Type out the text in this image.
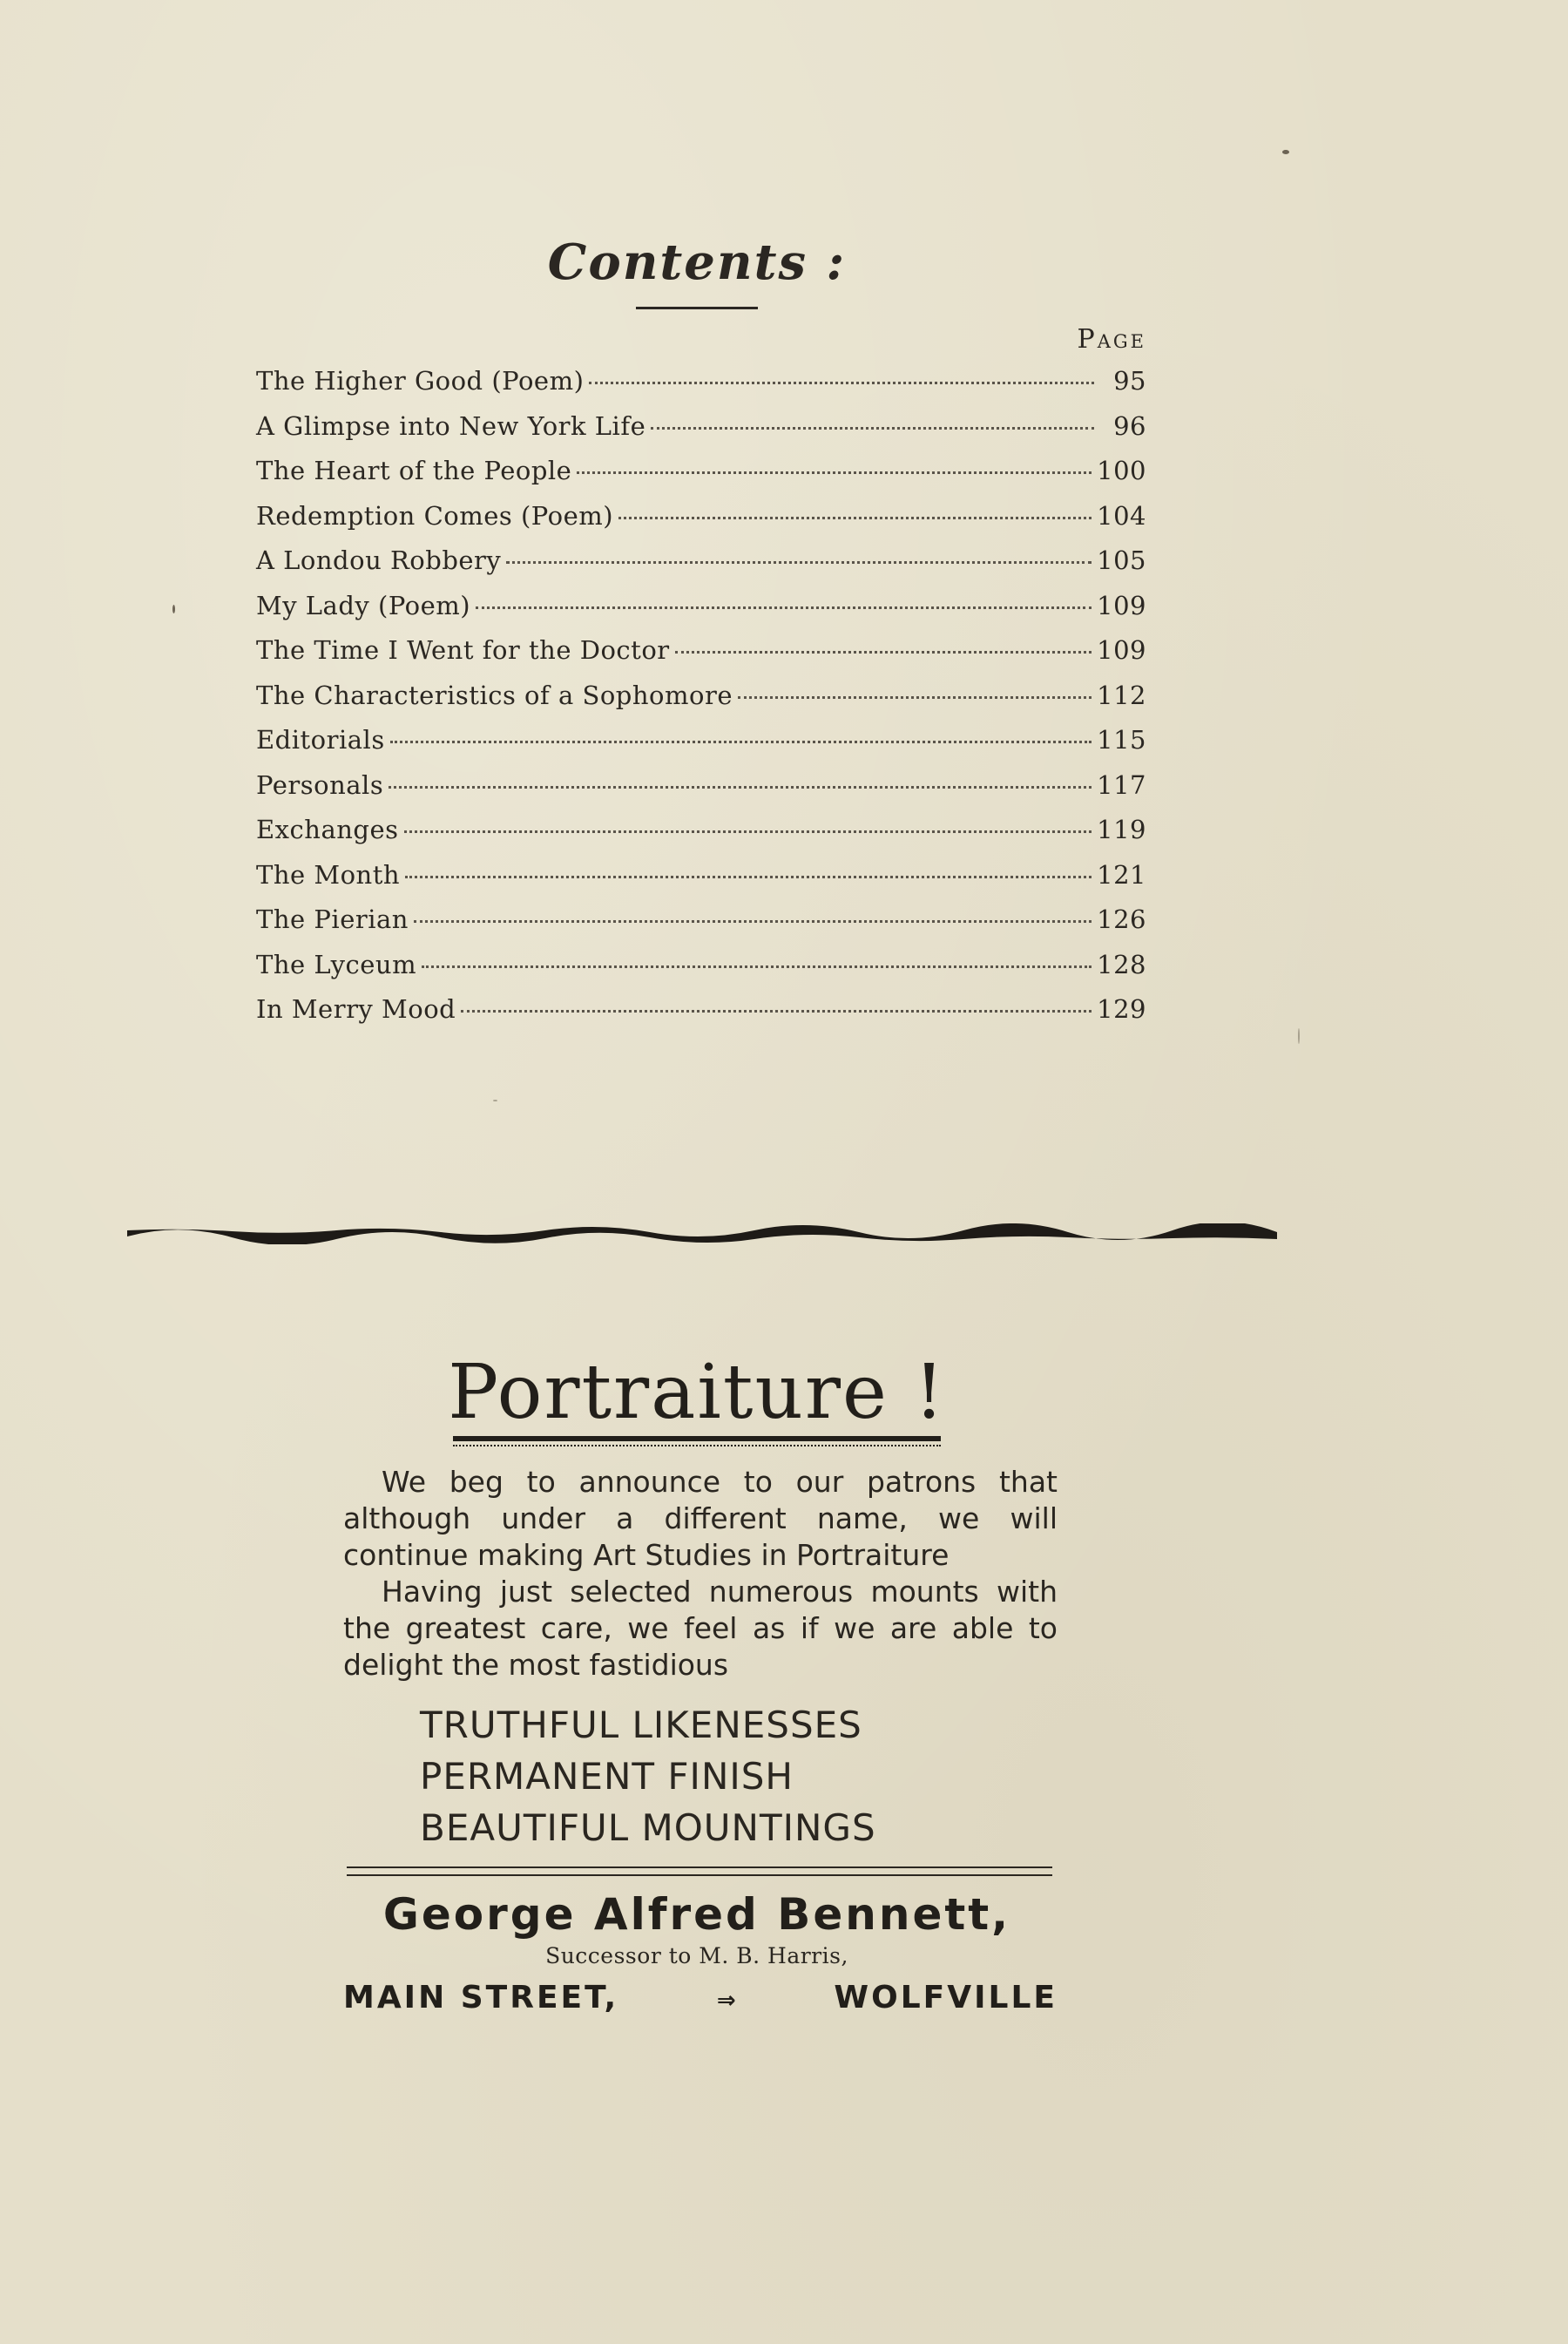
Contents :
Page
The Higher Good (Poem)	95
A Glimpse into New York Life	96
The Heart of the People	100
Redemption Comes (Poem)	104
A Londou Robbery	105
My Lady (Poem)	109
The Time I Went for the Doctor	109
The Characteristics of a Sophomore	112
Editorials	115
Personals	117
Exchanges	119
The Month	121
The Pierian	126
The Lyceum	128
In Merry Mood	129
Portraiture !

We beg to announce to our patrons that although under a different name, we will continue making Art Studies in Portraiture

Having just selected numerous mounts with the greatest care, we feel as if we are able to delight the most fastidious

TRUTHFUL LIKENESSES
PERMANENT FINISH
BEAUTIFUL MOUNTINGS
George Alfred Bennett,
Successor to M. B. Harris,
MAIN STREET,	⇒	WOLFVILLE
